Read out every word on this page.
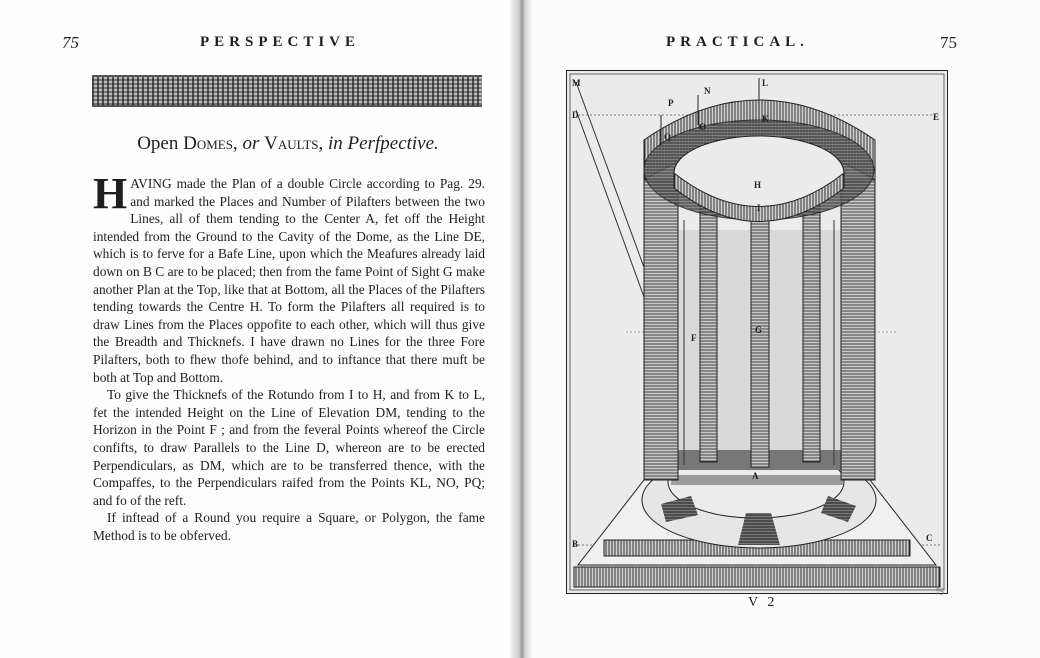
75	PERSPECTIVE
Open Domes, or Vaults, in Perfpective.

HAVING made the Plan of a double Circle according to Pag. 29. and marked the Places and Number of Pilafters between the two Lines, all of them tending to the Center A, fet off the Height intended from the Ground to the Cavity of the Dome, as the Line DE, which is to ferve for a Bafe Line, upon which the Meafures already laid down on B C are to be placed; then from the fame Point of Sight G make another Plan at the Top, like that at Bottom, all the Places of the Pilafters tending towards the Centre H. To form the Pilafters all required is to draw Lines from the Places oppofite to each other, which will thus give the Breadth and Thicknefs. I have drawn no Lines for the three Fore Pilafters, both to fhew thofe behind, and to inftance that there muft be both at Top and Bottom.

To give the Thicknefs of the Rotundo from I to H, and from K to L, fet the intended Height on the Line of Elevation DM, tending to the Horizon in the Point F ; and from the feveral Points whereof the Circle confifts, to draw Parallels to the Line D, whereon are to be erected Perpendiculars, as DM, which are to be transferred thence, with the Compaffes, to the Perpendiculars raifed from the Points KL, NO, PQ; and fo of the reft.

If inftead of a Round you require a Square, or Polygon, the fame Method is to be obferved.

PRACTICAL.	75
M
D
P
N
L
K
O
Q
E
H
I
F
G
A
B
C
V 2
75
